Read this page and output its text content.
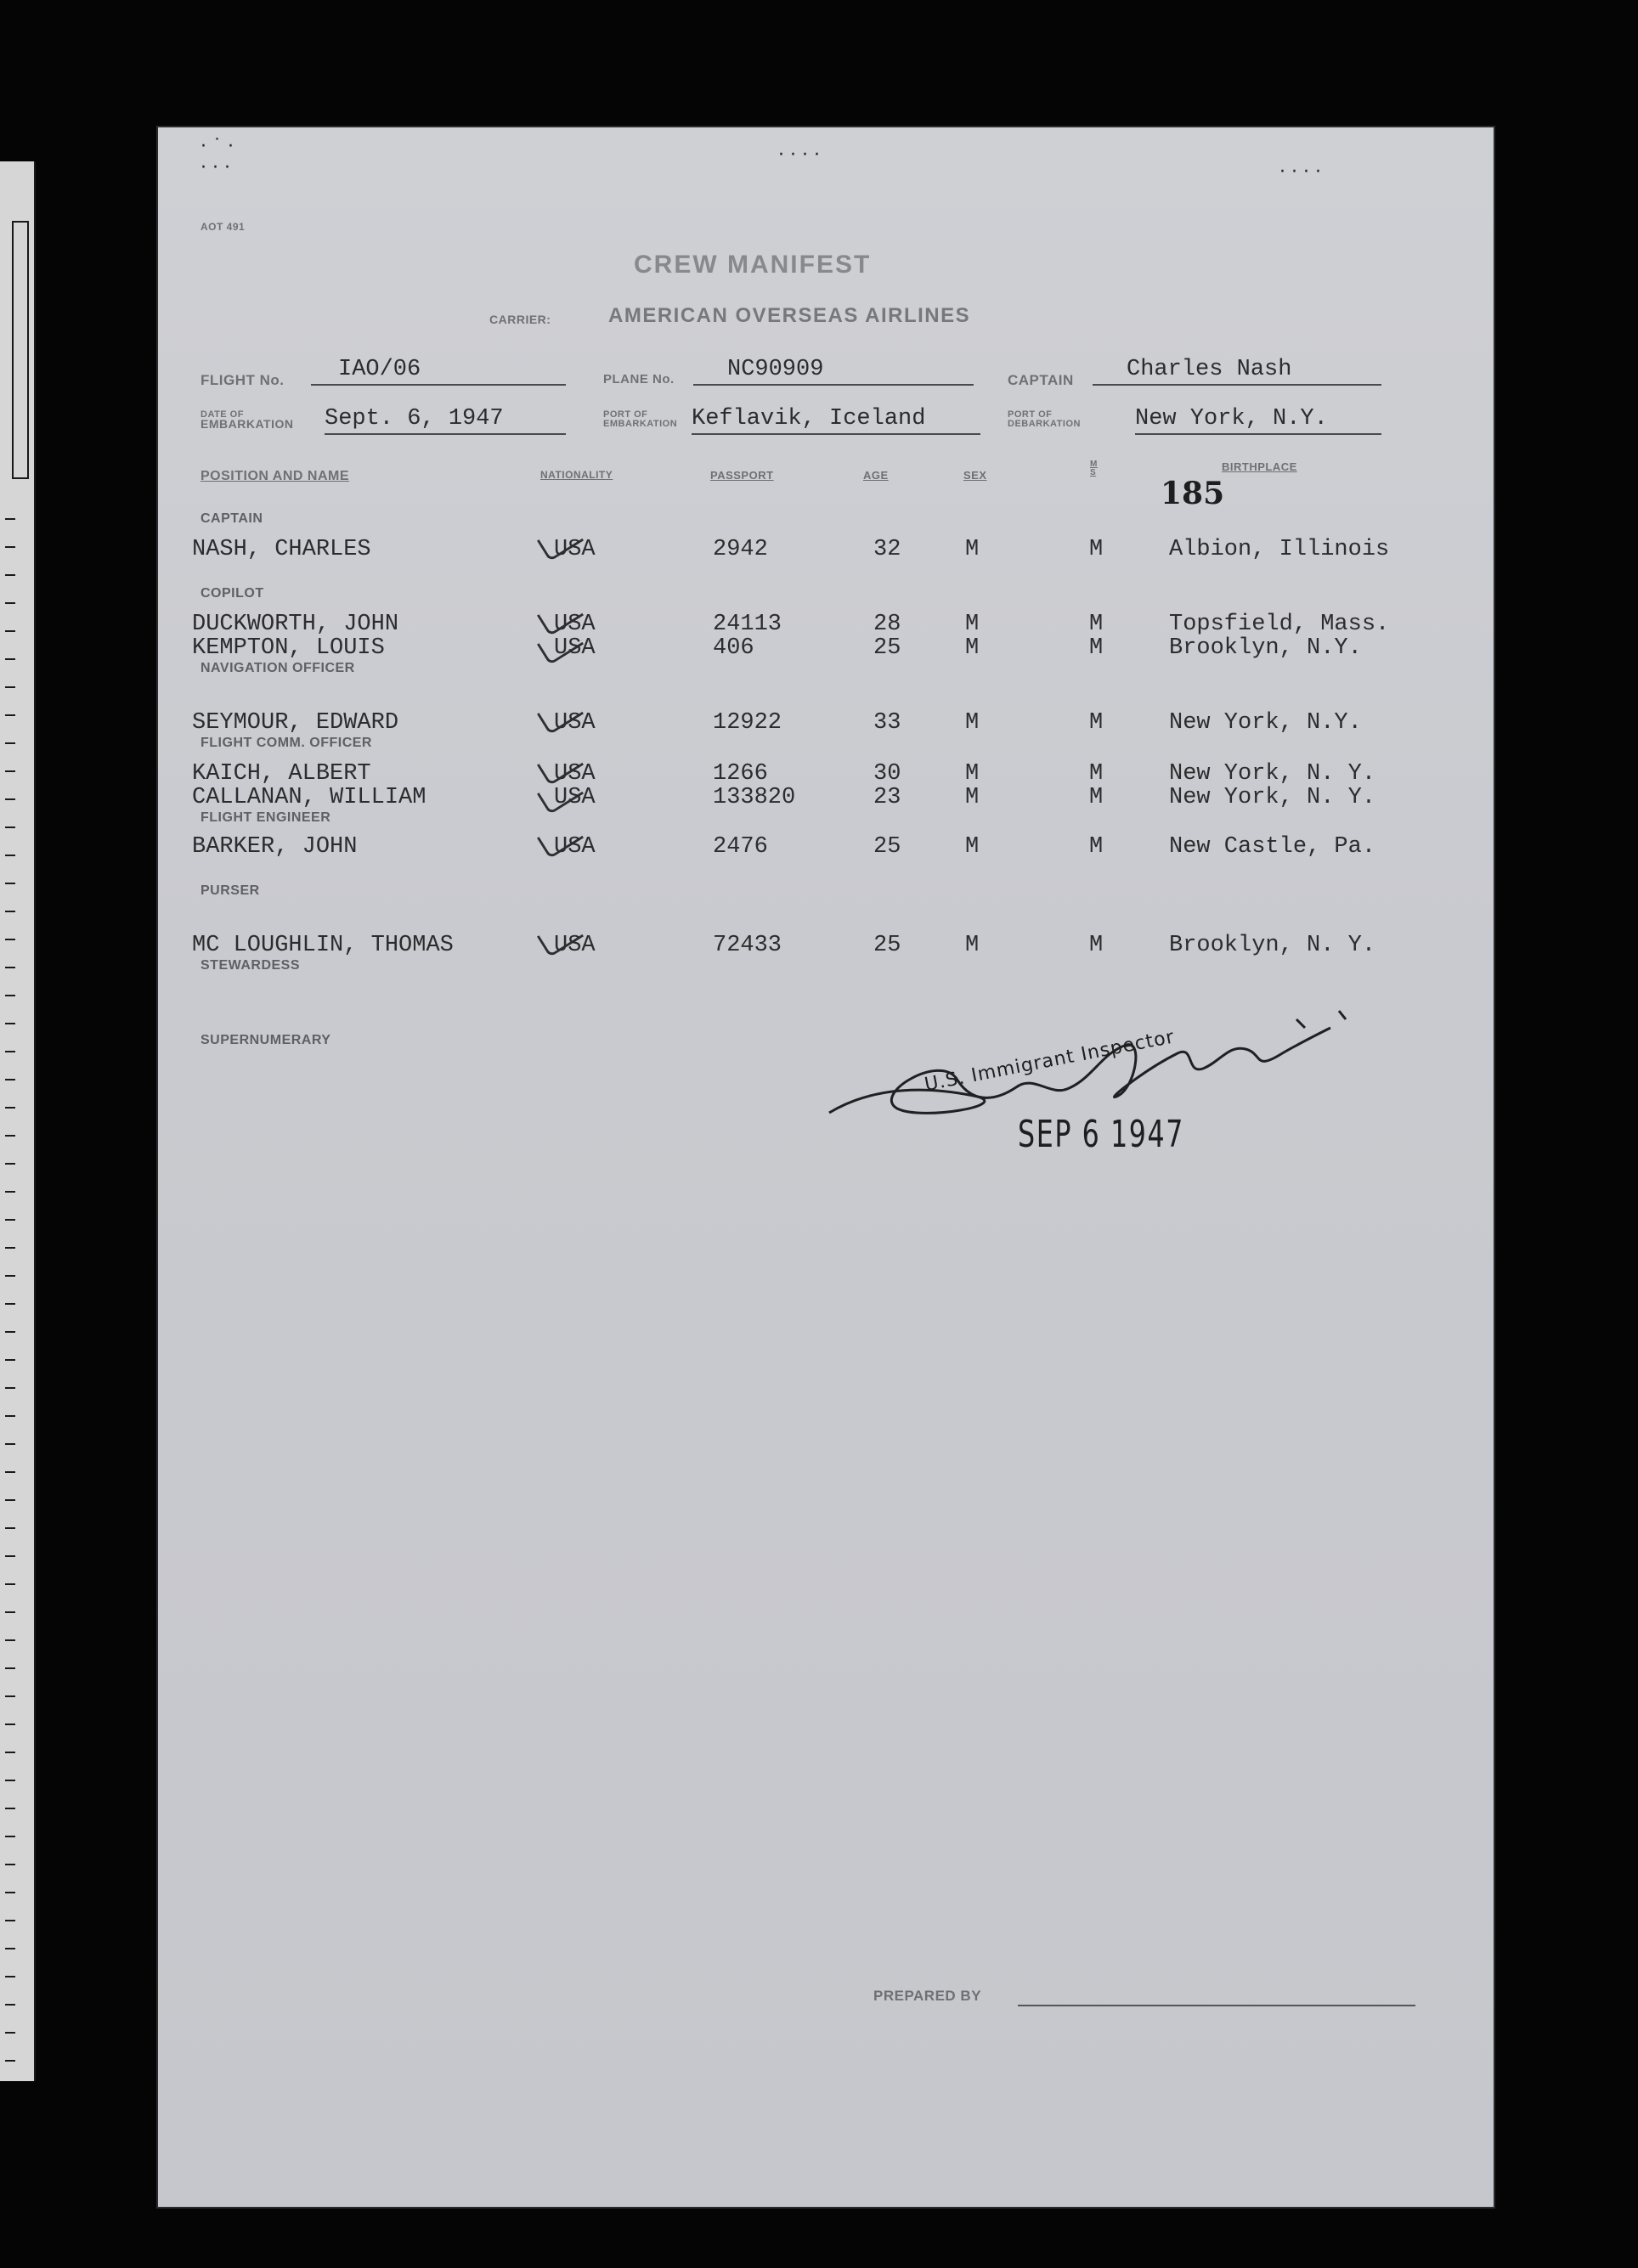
· ˙ ·
· · ·
· · · ·
· · · ·
AOT 491
CREW MANIFEST
CARRIER:	AMERICAN OVERSEAS AIRLINES
FLIGHT No. IAO/06	PLANE No. NC90909	CAPTAIN Charles Nash
DATE OF
EMBARKATION Sept. 6, 1947	PORT OF
EMBARKATION Keflavik, Iceland	PORT OF
DEBARKATION New York, N.Y.
POSITION AND NAME	NATIONALITY	PASSPORT	AGE	SEX
M S	BIRTHPLACE
185
CAPTAIN
NASH, CHARLES	USA	2942	32	M	M	Albion, Illinois
COPILOT
DUCKWORTH, JOHN	USA	24113	28	M	M	Topsfield, Mass.
KEMPTON, LOUIS	USA	406	25	M	M	Brooklyn, N.Y.
NAVIGATION OFFICER
SEYMOUR, EDWARD	USA	12922	33	M	M	New York, N.Y.
FLIGHT COMM. OFFICER
KAICH, ALBERT	USA	1266	30	M	M	New York, N. Y.
CALLANAN, WILLIAM	USA	133820	23	M	M	New York, N. Y.
FLIGHT ENGINEER
BARKER, JOHN	USA	2476	25	M	M	New Castle, Pa.
PURSER
MC LOUGHLIN, THOMAS	USA	72433	25	M	M	Brooklyn, N. Y.
STEWARDESS
SUPERNUMERARY	U.S. Immigrant Inspector
SEP 6 1947
PREPARED BY
